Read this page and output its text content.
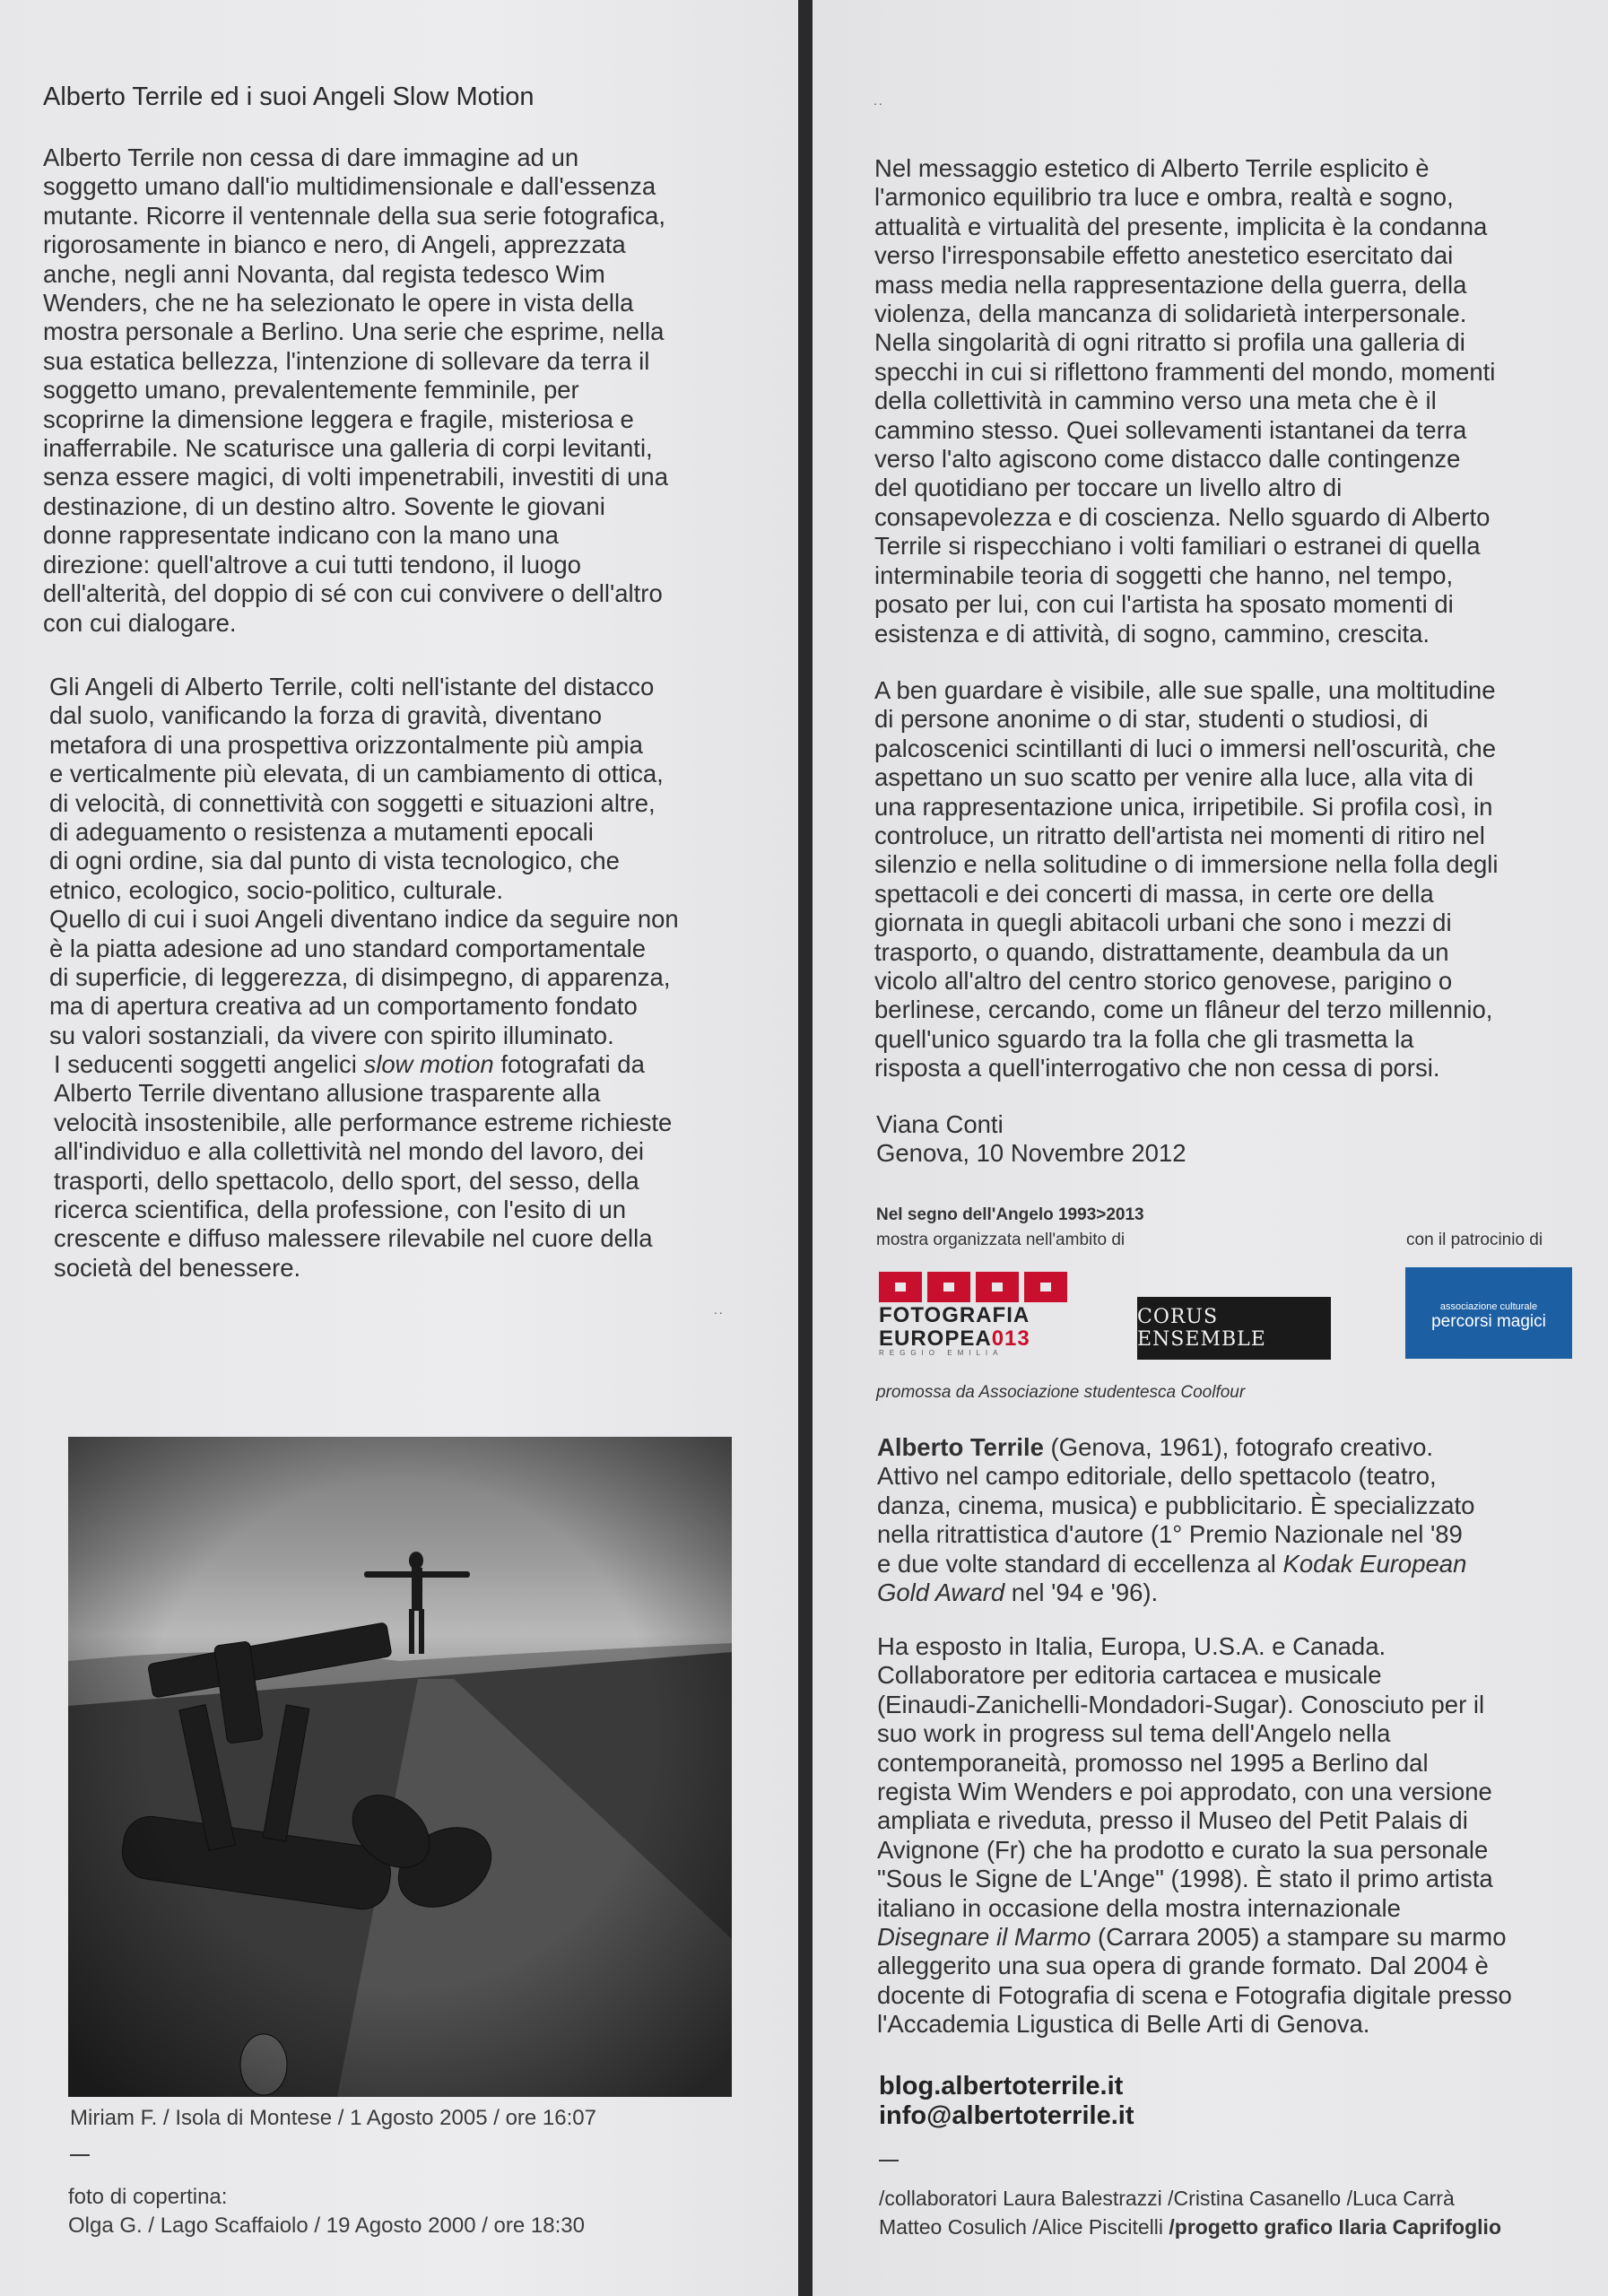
Alberto Terrile ed i suoi Angeli Slow Motion

Alberto Terrile non cessa di dare immagine ad un
soggetto umano dall'io multidimensionale e dall'essenza
mutante. Ricorre il ventennale della sua serie fotografica,
rigorosamente in bianco e nero, di Angeli, apprezzata
anche, negli anni Novanta, dal regista tedesco Wim
Wenders, che ne ha selezionato le opere in vista della
mostra personale a Berlino. Una serie che esprime, nella
sua estatica bellezza, l'intenzione di sollevare da terra il
soggetto umano, prevalentemente femminile, per
scoprirne la dimensione leggera e fragile, misteriosa e
inafferrabile. Ne scaturisce una galleria di corpi levitanti,
senza essere magici, di volti impenetrabili, investiti di una
destinazione, di un destino altro. Sovente le giovani
donne rappresentate indicano con la mano una
direzione: quell'altrove a cui tutti tendono, il luogo
dell'alterità, del doppio di sé con cui convivere o dell'altro
con cui dialogare.

Gli Angeli di Alberto Terrile, colti nell'istante del distacco
dal suolo, vanificando la forza di gravità, diventano
metafora di una prospettiva orizzontalmente più ampia
e verticalmente più elevata, di un cambiamento di ottica,
di velocità, di connettività con soggetti e situazioni altre,
di adeguamento o resistenza a mutamenti epocali
di ogni ordine, sia dal punto di vista tecnologico, che
etnico, ecologico, socio-politico, culturale.
Quello di cui i suoi Angeli diventano indice da seguire non
è la piatta adesione ad uno standard comportamentale
di superficie, di leggerezza, di disimpegno, di apparenza,
ma di apertura creativa ad un comportamento fondato
su valori sostanziali, da vivere con spirito illuminato.

I seducenti soggetti angelici slow motion fotografati da
Alberto Terrile diventano allusione trasparente alla
velocità insostenibile, alle performance estreme richieste
all'individuo e alla collettività nel mondo del lavoro, dei
trasporti, dello spettacolo, dello sport, del sesso, della
ricerca scientifica, della professione, con l'esito di un
crescente e diffuso malessere rilevabile nel cuore della
società del benessere.

..

Miriam F. / Isola di Montese / 1 Agosto 2005 / ore 16:07

foto di copertina:

Olga G. / Lago Scaffaiolo / 19 Agosto 2000 / ore 18:30

..

Nel messaggio estetico di Alberto Terrile esplicito è
l'armonico equilibrio tra luce e ombra, realtà e sogno,
attualità e virtualità del presente, implicita è la condanna
verso l'irresponsabile effetto anestetico esercitato dai
mass media nella rappresentazione della guerra, della
violenza, della mancanza di solidarietà interpersonale.
Nella singolarità di ogni ritratto si profila una galleria di
specchi in cui si riflettono frammenti del mondo, momenti
della collettività in cammino verso una meta che è il
cammino stesso. Quei sollevamenti istantanei da terra
verso l'alto agiscono come distacco dalle contingenze
del quotidiano per toccare un livello altro di
consapevolezza e di coscienza. Nello sguardo di Alberto
Terrile si rispecchiano i volti familiari o estranei di quella
interminabile teoria di soggetti che hanno, nel tempo,
posato per lui, con cui l'artista ha sposato momenti di
esistenza e di attività, di sogno, cammino, crescita.

A ben guardare è visibile, alle sue spalle, una moltitudine
di persone anonime o di star, studenti o studiosi, di
palcoscenici scintillanti di luci o immersi nell'oscurità, che
aspettano un suo scatto per venire alla luce, alla vita di
una rappresentazione unica, irripetibile. Si profila così, in
controluce, un ritratto dell'artista nei momenti di ritiro nel
silenzio e nella solitudine o di immersione nella folla degli
spettacoli e dei concerti di massa, in certe ore della
giornata in quegli abitacoli urbani che sono i mezzi di
trasporto, o quando, distrattamente, deambula da un
vicolo all'altro del centro storico genovese, parigino o
berlinese, cercando, come un flâneur del terzo millennio,
quell'unico sguardo tra la folla che gli trasmetta la
risposta a quell'interrogativo che non cessa di porsi.

Viana Conti

Genova, 10 Novembre 2012

Nel segno dell'Angelo 1993>2013

mostra organizzata nell'ambito di	con il patrocinio di

FOTOGRAFIA
EUROPEA013
REGGIO EMILIA
CORUS ENSEMBLE
associazione culturale
percorsi magici

promossa da Associazione studentesca Coolfour

Alberto Terrile (Genova, 1961), fotografo creativo.
Attivo nel campo editoriale, dello spettacolo (teatro,
danza, cinema, musica) e pubblicitario. È specializzato
nella ritrattistica d'autore (1° Premio Nazionale nel '89
e due volte standard di eccellenza al Kodak European
Gold Award nel '94 e '96).

Ha esposto in Italia, Europa, U.S.A. e Canada.
Collaboratore per editoria cartacea e musicale
(Einaudi-Zanichelli-Mondadori-Sugar). Conosciuto per il
suo work in progress sul tema dell'Angelo nella
contemporaneità, promosso nel 1995 a Berlino dal
regista Wim Wenders e poi approdato, con una versione
ampliata e riveduta, presso il Museo del Petit Palais di
Avignone (Fr) che ha prodotto e curato la sua personale
"Sous le Signe de L'Ange" (1998). È stato il primo artista
italiano in occasione della mostra internazionale
Disegnare il Marmo (Carrara 2005) a stampare su marmo
alleggerito una sua opera di grande formato. Dal 2004 è
docente di Fotografia di scena e Fotografia digitale presso
l'Accademia Ligustica di Belle Arti di Genova.

blog.albertoterrile.it

info@albertoterrile.it

/collaboratori Laura Balestrazzi /Cristina Casanello /Luca Carrà
Matteo Cosulich /Alice Piscitelli /progetto grafico Ilaria Caprifoglio
